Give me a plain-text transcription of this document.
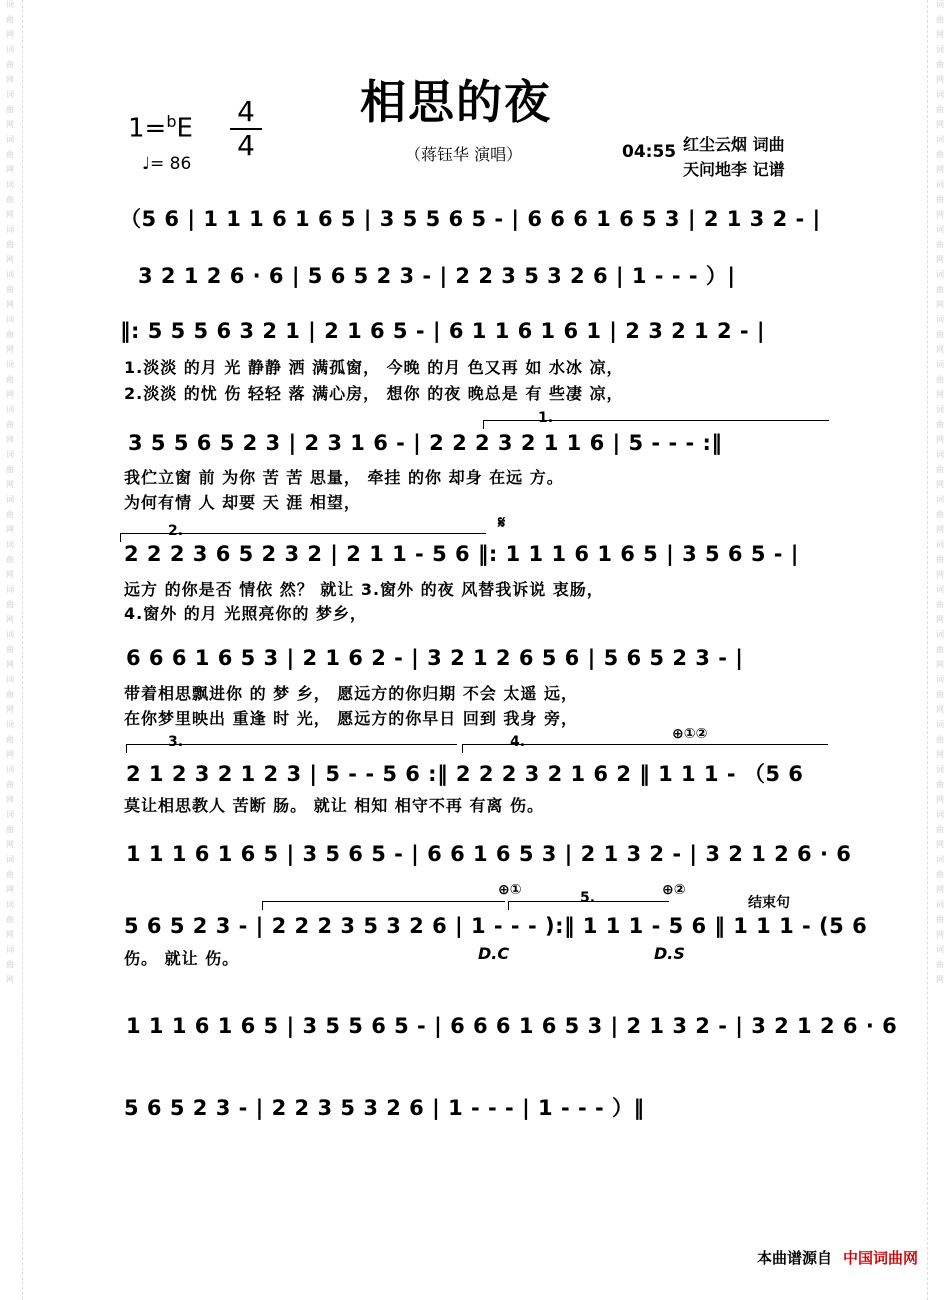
词
曲
网
词
曲
网
词
曲
网
词
曲
网
词
曲
网
词
曲
网
词
曲
网
词
曲
网
词
曲
网
词
曲
网
词
曲
网
词
曲
网
词
曲
网
词
曲
网
词
曲
网
词
曲
网
词
曲
网
词
曲
网
词
曲
网
词
曲
网
词
曲
网
词
曲
网
词
曲
网
词
曲
网
词
曲
网
词
曲
网
词
曲
网
词
曲
网
词
曲
网
词
曲
网
词
曲
网
词
曲
网
词
曲
网
词
曲
网
词
曲
网
词
曲
网
词
曲
网
词
曲
网
词
曲
网
词
曲
网
词
曲
网
词
曲
网
词
曲
网
词
曲
网
相思的夜
1=$^b$E
4
4
♩= 86	（蒋钰华 演唱）	04:55 红尘云烟 词曲
天问地李 记谱
（5 6 | 1 1 1 6 1 6 5 | 3 5 5 6 5 - | 6 6 6 1 6 5 3 | 2 1 3 2 - |
3 2 1 2 6 · 6 | 5 6 5 2 3 - | 2 2 3 5 3 2 6 | 1 - - - ）|
‖: 5 5 5 6 3 2 1 | 2 1 6 5 - | 6 1 1 6 1 6 1 | 2 3 2 1 2 - |
1.淡淡 的月 光 静静 洒 满孤窗， 今晚 的月 色又再 如 水冰 凉，
2.淡淡 的忧 伤 轻轻 落 满心房， 想你 的夜 晚总是 有 些凄 凉，
1.
3 5 5 6 5 2 3 | 2 3 1 6 - | 2 2 2 3 2 1 1 6 | 5 - - - :‖
我伫立窗 前 为你 苦 苦 思量， 牵挂 的你 却身 在远 方。
为何有情 人 却要 天 涯 相望，
2.	𝄋
2 2 2 3 6 5 2 3 2 | 2 1 1 - 5 6 ‖: 1 1 1 6 1 6 5 | 3 5 6 5 - |
远方 的你是否 情依 然？ 就让 3.窗外 的夜 风替我诉说 衷肠，
4.窗外 的月 光照亮你的 梦乡，
6 6 6 1 6 5 3 | 2 1 6 2 - | 3 2 1 2 6 5 6 | 5 6 5 2 3 - |
带着相思飘进你 的 梦 乡， 愿远方的你归期 不会 太遥 远，
在你梦里映出 重逢 时 光， 愿远方的你早日 回到 我身 旁，
3.	4.	⊕①②
2 1 2 3 2 1 2 3 | 5 - - 5 6 :‖ 2 2 2 3 2 1 6 2 ‖ 1 1 1 - （5 6
莫让相思教人 苦断 肠。 就让 相知 相守不再 有离 伤。
1 1 1 6 1 6 5 | 3 5 6 5 - | 6 6 1 6 5 3 | 2 1 3 2 - | 3 2 1 2 6 · 6
⊕①	5.	⊕②
结束句
5 6 5 2 3 - | 2 2 2 3 5 3 2 6 | 1 - - - ):‖ 1 1 1 - 5 6 ‖ 1 1 1 - (5 6
伤。 就让 伤。	D.C	D.S
1 1 1 6 1 6 5 | 3 5 5 6 5 - | 6 6 6 1 6 5 3 | 2 1 3 2 - | 3 2 1 2 6 · 6
5 6 5 2 3 - | 2 2 3 5 3 2 6 | 1 - - - | 1 - - - ）‖
本曲谱源自 中国词曲网
